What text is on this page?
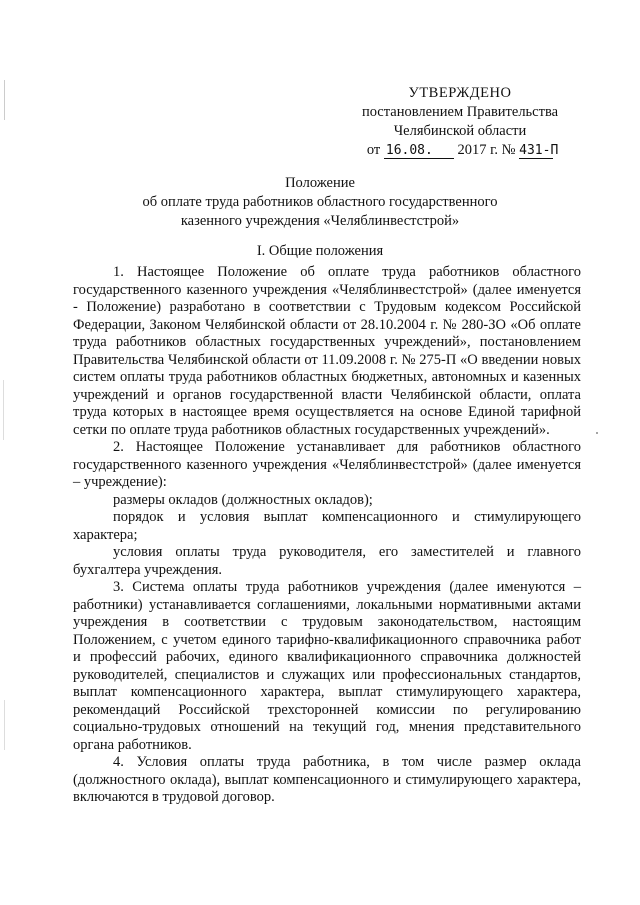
УТВЕРЖДЕНО
постановлением Правительства
Челябинской области
от 16.08. 2017 г. № 431-П
Положение
об оплате труда работников областного государственного
казенного учреждения «Челяблинвестстрой»
I. Общие положения

1. Настоящее Положение об оплате труда работников областного государственного казенного учреждения «Челяблинвестстрой» (далее именуется - Положение) разработано в соответствии с Трудовым кодексом Российской Федерации, Законом Челябинской области от 28.10.2004 г. № 280-ЗО «Об оплате труда работников областных государственных учреждений», постановлением Правительства Челябинской области от 11.09.2008 г. № 275-П «О введении новых систем оплаты труда работников областных бюджетных, автономных и казенных учреждений и органов государственной власти Челябинской области, оплата труда которых в настоящее время осуществляется на основе Единой тарифной сетки по оплате труда работников областных государственных учреждений».

2. Настоящее Положение устанавливает для работников областного государственного казенного учреждения «Челяблинвестстрой» (далее именуется – учреждение):

размеры окладов (должностных окладов);

порядок и условия выплат компенсационного и стимулирующего характера;

условия оплаты труда руководителя, его заместителей и главного бухгалтера учреждения.

3. Система оплаты труда работников учреждения (далее именуются – работники) устанавливается соглашениями, локальными нормативными актами учреждения в соответствии с трудовым законодательством, настоящим Положением, с учетом единого тарифно-квалификационного справочника работ и профессий рабочих, единого квалификационного справочника должностей руководителей, специалистов и служащих или профессиональных стандартов, выплат компенсационного характера, выплат стимулирующего характера, рекомендаций Российской трехсторонней комиссии по регулированию социально-трудовых отношений на текущий год, мнения представительного органа работников.

4. Условия оплаты труда работника, в том числе размер оклада (должностного оклада), выплат компенсационного и стимулирующего характера, включаются в трудовой договор.
